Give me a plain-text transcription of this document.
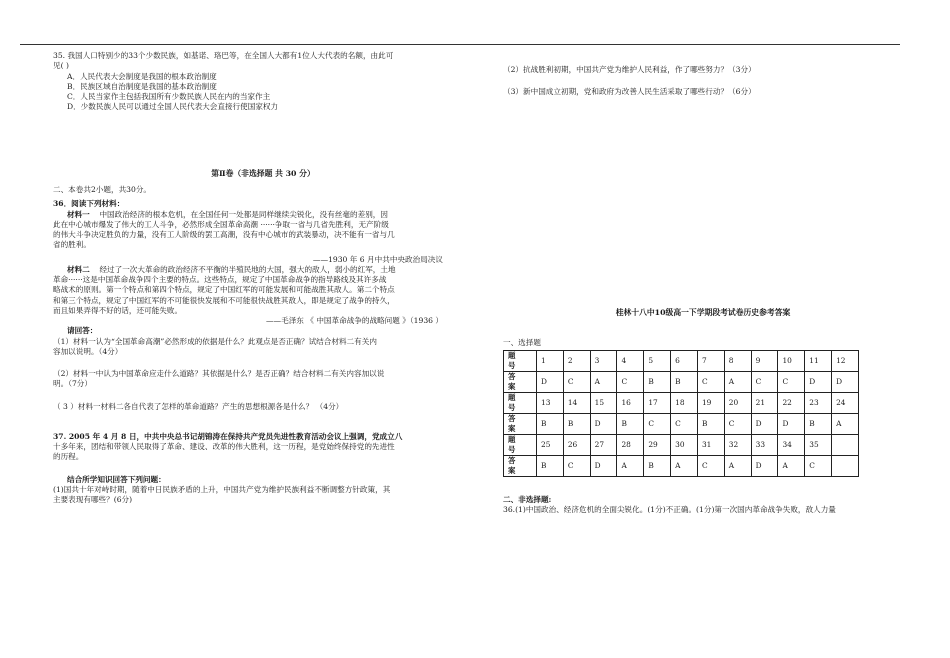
35. 我国人口特别少的33个少数民族，如基诺、珞巴等，在全国人大都有1位人大代表的名额，由此可

见( )

A．人民代表大会制度是我国的根本政治制度

B．民族区域自治制度是我国的基本政治制度

C．人民当家作主包括我国所有少数民族人民在内的当家作主

D．少数民族人民可以通过全国人民代表大会直接行使国家权力

第Ⅱ卷（非选择题 共 30 分）

二、本卷共2小题，共30分。

36．阅读下列材料：

材料一 中国政治经济的根本危机，在全国任何一处都是同样继续尖锐化，没有丝毫的差别，因

此在中心城市爆发了伟大的工人斗争，必然形成全国革命高潮 ······争取一省与几省先胜利，无产阶级

的伟大斗争决定胜负的力量，没有工人阶级的罢工高潮，没有中心城市的武装暴动，决不能有一省与几

省的胜利。

——1930 年 6 月中共中央政治局决议

材料二 经过了一次大革命的政治经济不平衡的半殖民地的大国，强大的敌人，弱小的红军，土地

革命······这是中国革命战争四个主要的特点。这些特点，规定了中国革命战争的指导路线及其许多战

略战术的原则。第一个特点和第四个特点，规定了中国红军的可能发展和可能战胜其敌人。第二个特点

和第三个特点，规定了中国红军的不可能很快发展和不可能很快战胜其敌人，即是规定了战争的持久，

而且如果弄得不好的话，还可能失败。

——毛泽东 《 中国革命战争的战略问题 》（1936 ）

请回答：

（1）材料一认为“全国革命高潮”必然形成的依据是什么？此观点是否正确？试结合材料二有关内

容加以说明。（4分）

（2）材料一中认为中国革命应走什么道路？其依据是什么？是否正确？结合材料二有关内容加以说

明。（7分）

（ 3 ）材料一材料二各自代表了怎样的革命道路？产生的思想根源各是什么？ （4分）

37. 2005 年 4 月 8 日，中共中央总书记胡锦涛在保持共产党员先进性教育活动会议上强调，党成立八

十多年来，团结和带领人民取得了革命、建设、改革的伟大胜利，这一历程，是党始终保持党的先进性

的历程。

结合所学知识回答下列问题：

(1)国共十年对峙时期，随着中日民族矛盾的上升，中国共产党为维护民族利益不断调整方针政策，其

主要表现有哪些？(6分)

（2）抗战胜利初期，中国共产党为维护人民利益，作了哪些努力？（3分）

（3）新中国成立初期，党和政府为改善人民生活采取了哪些行动？（6分）

桂林十八中10级高一下学期段考试卷历史参考答案

一、选择题

题 号	1	2	3	4	5	6	7	8	9	10	11	12
答 案	D	C	A	C	B	B	C	A	C	C	D	D
题 号	13	14	15	16	17	18	19	20	21	22	23	24
答 案	B	B	D	B	C	C	B	C	D	D	B	A
题 号	25	26	27	28	29	30	31	32	33	34	35	
答 案	B	C	D	A	B	A	C	A	D	A	C	

二、非选择题:

36.(1)中国政治、经济危机的全面尖锐化。(1分)不正确。(1分)第一次国内革命战争失败，敌人力量
